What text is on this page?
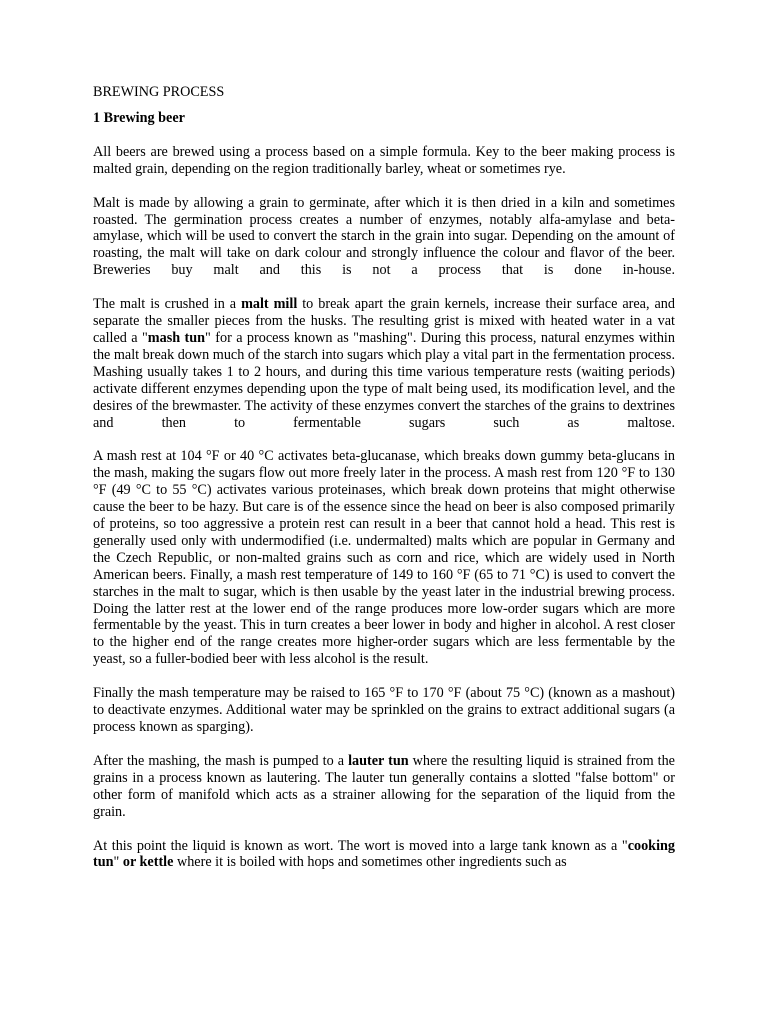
BREWING PROCESS
1 Brewing beer

All beers are brewed using a process based on a simple formula. Key to the beer making process is malted grain, depending on the region traditionally barley, wheat or sometimes rye.

Malt is made by allowing a grain to germinate, after which it is then dried in a kiln and sometimes roasted. The germination process creates a number of enzymes, notably alfa-amylase and beta-amylase, which will be used to convert the starch in the grain into sugar. Depending on the amount of roasting, the malt will take on dark colour and strongly influence the colour and flavor of the beer. Breweries buy malt and this is not a process that is done in-house.

The malt is crushed in a malt mill to break apart the grain kernels, increase their surface area, and separate the smaller pieces from the husks. The resulting grist is mixed with heated water in a vat called a "mash tun" for a process known as "mashing". During this process, natural enzymes within the malt break down much of the starch into sugars which play a vital part in the fermentation process. Mashing usually takes 1 to 2 hours, and during this time various temperature rests (waiting periods) activate different enzymes depending upon the type of malt being used, its modification level, and the desires of the brewmaster. The activity of these enzymes convert the starches of the grains to dextrines and then to fermentable sugars such as maltose.

A mash rest at 104 °F or 40 °C activates beta-glucanase, which breaks down gummy beta-glucans in the mash, making the sugars flow out more freely later in the process. A mash rest from 120 °F to 130 °F (49 °C to 55 °C) activates various proteinases, which break down proteins that might otherwise cause the beer to be hazy. But care is of the essence since the head on beer is also composed primarily of proteins, so too aggressive a protein rest can result in a beer that cannot hold a head. This rest is generally used only with undermodified (i.e. undermalted) malts which are popular in Germany and the Czech Republic, or non-malted grains such as corn and rice, which are widely used in North American beers. Finally, a mash rest temperature of 149 to 160 °F (65 to 71 °C) is used to convert the starches in the malt to sugar, which is then usable by the yeast later in the industrial brewing process. Doing the latter rest at the lower end of the range produces more low-order sugars which are more fermentable by the yeast. This in turn creates a beer lower in body and higher in alcohol. A rest closer to the higher end of the range creates more higher-order sugars which are less fermentable by the yeast, so a fuller-bodied beer with less alcohol is the result.

Finally the mash temperature may be raised to 165 °F to 170 °F (about 75 °C) (known as a mashout) to deactivate enzymes. Additional water may be sprinkled on the grains to extract additional sugars (a process known as sparging).

After the mashing, the mash is pumped to a lauter tun where the resulting liquid is strained from the grains in a process known as lautering. The lauter tun generally contains a slotted "false bottom" or other form of manifold which acts as a strainer allowing for the separation of the liquid from the grain.

At this point the liquid is known as wort. The wort is moved into a large tank known as a "cooking tun" or kettle where it is boiled with hops and sometimes other ingredients such as
